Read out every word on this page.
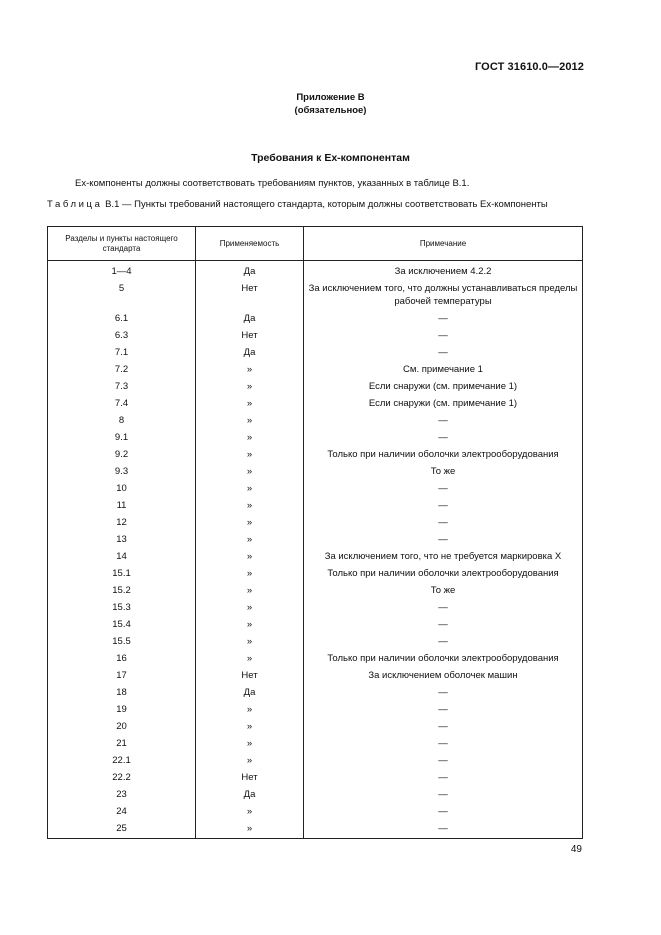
ГОСТ 31610.0—2012
Приложение В
(обязательное)
Требования к Ex-компонентам
Ex-компоненты должны соответствовать требованиям пунктов, указанных в таблице В.1.
Таблица В.1 — Пункты требований настоящего стандарта, которым должны соответствовать Ex-компоненты
Разделы и пункты настоящего стандарта	Применяемость	Примечание
1—4	Да	За исключением 4.2.2
5	Нет	За исключением того, что должны устанавливаться пределы рабочей температуры
6.1	Да	—
6.3	Нет	—
7.1	Да	—
7.2	»	См. примечание 1
7.3	»	Если снаружи (см. примечание 1)
7.4	»	Если снаружи (см. примечание 1)
8	»	—
9.1	»	—
9.2	»	Только при наличии оболочки электрооборудования
9.3	»	То же
10	»	—
11	»	—
12	»	—
13	»	—
14	»	За исключением того, что не требуется маркировка X
15.1	»	Только при наличии оболочки электрооборудования
15.2	»	То же
15.3	»	—
15.4	»	—
15.5	»	—
16	»	Только при наличии оболочки электрооборудования
17	Нет	За исключением оболочек машин
18	Да	—
19	»	—
20	»	—
21	»	—
22.1	»	—
22.2	Нет	—
23	Да	—
24	»	—
25	»	—
49
